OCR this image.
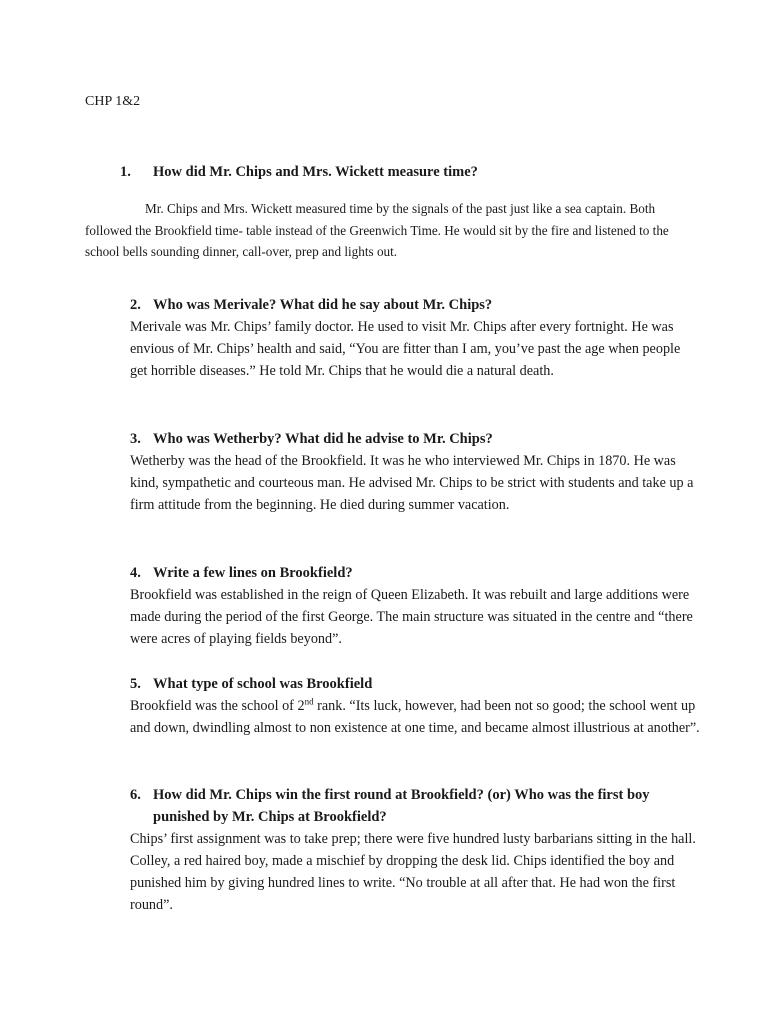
CHP 1&2
1. How did Mr. Chips and Mrs. Wickett measure time?
Mr. Chips and Mrs. Wickett measured time by the signals of the past just like a sea captain. Both followed the Brookfield time- table instead of the Greenwich Time. He would sit by the fire and listened to the school bells sounding dinner, call-over, prep and lights out.
2. Who was Merivale? What did he say about Mr. Chips?
Merivale was Mr. Chips’ family doctor. He used to visit Mr. Chips after every fortnight. He was envious of Mr. Chips’ health and said, “You are fitter than I am, you’ve past the age when people get horrible diseases.” He told Mr. Chips that he would die a natural death.
3. Who was Wetherby? What did he advise to Mr. Chips?
Wetherby was the head of the Brookfield. It was he who interviewed Mr. Chips in 1870. He was kind, sympathetic and courteous man. He advised Mr. Chips to be strict with students and take up a firm attitude from the beginning. He died during summer vacation.
4. Write a few lines on Brookfield?
Brookfield was established in the reign of Queen Elizabeth. It was rebuilt and large additions were made during the period of the first George. The main structure was situated in the centre and “there were acres of playing fields beyond”.
5. What type of school was Brookfield
Brookfield was the school of 2nd rank. “Its luck, however, had been not so good; the school went up and down, dwindling almost to non existence at one time, and became almost illustrious at another”.
6. How did Mr. Chips win the first round at Brookfield? (or) Who was the first boy punished by Mr. Chips at Brookfield?
Chips’ first assignment was to take prep; there were five hundred lusty barbarians sitting in the hall. Colley, a red haired boy, made a mischief by dropping the desk lid. Chips identified the boy and punished him by giving hundred lines to write. “No trouble at all after that. He had won the first round”.
